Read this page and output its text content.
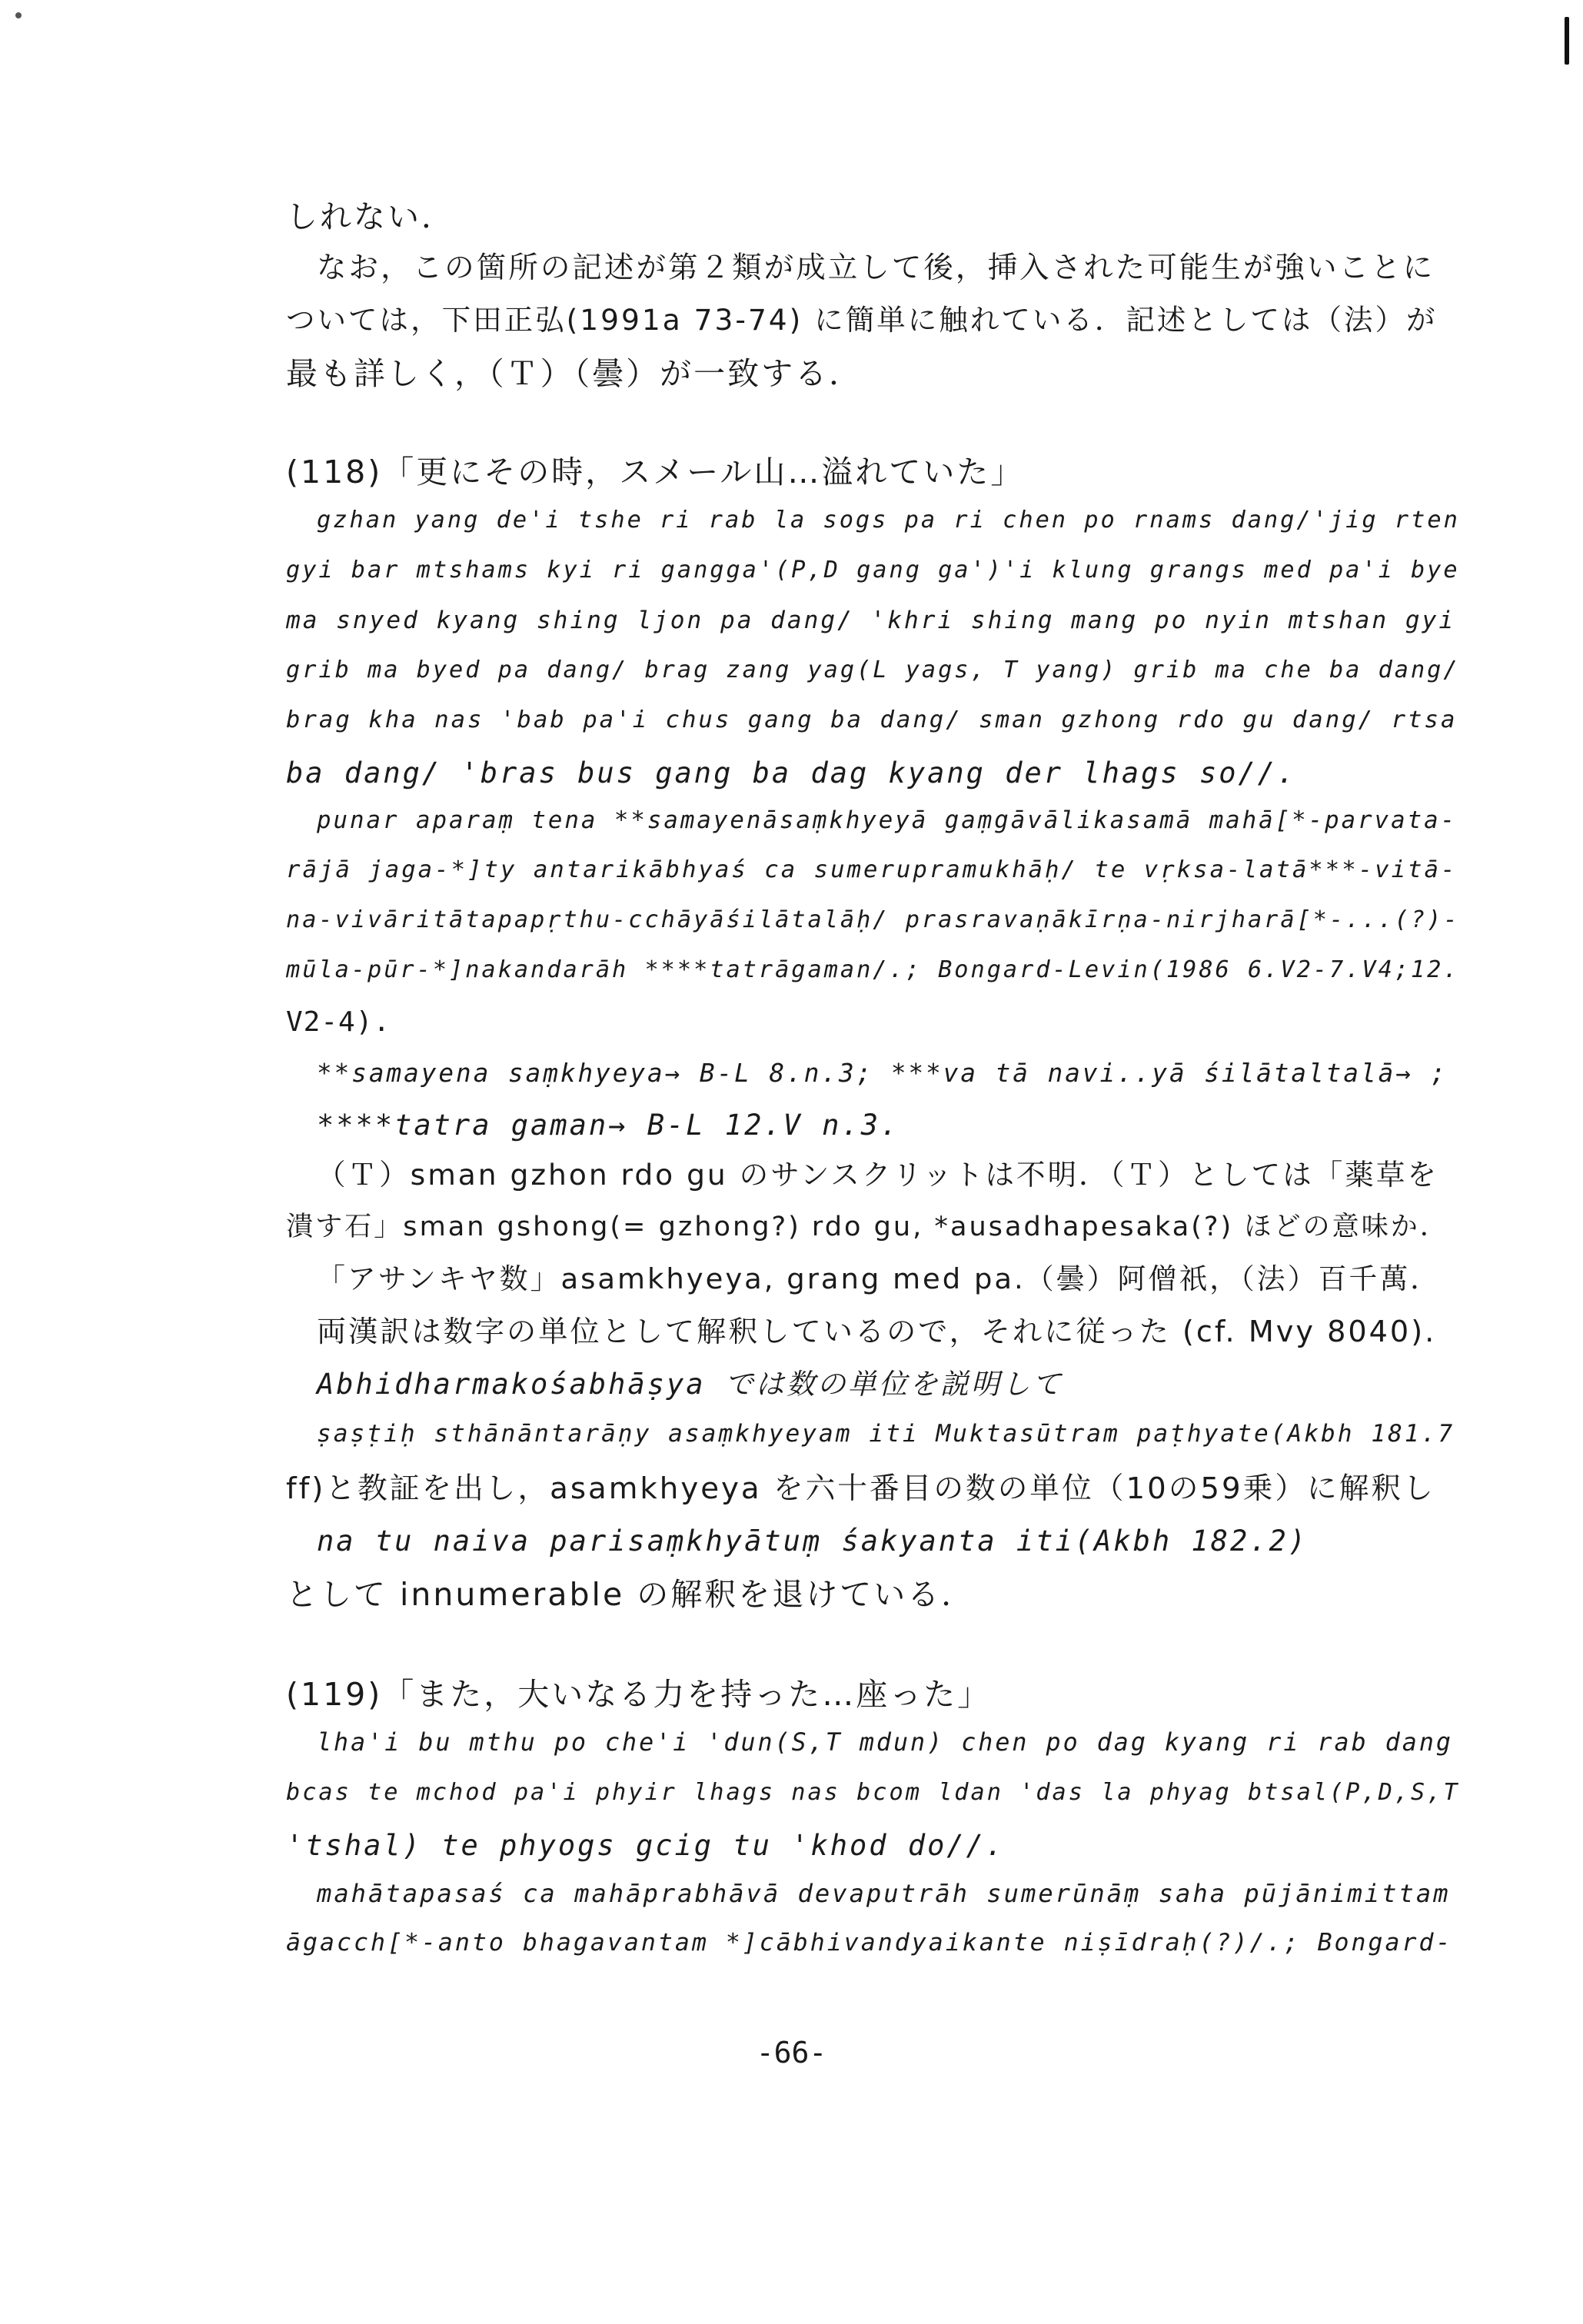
しれない．
なお，この箇所の記述が第２類が成立して後，挿入された可能生が強いことに
ついては，下田正弘(1991a 73-74) に簡単に触れている．記述としては（法）が
最も詳しく，（Ｔ）（曇）が一致する．
(118)「更にその時，スメール山…溢れていた」
gzhan yang de'i tshe ri rab la sogs pa ri chen po rnams dang/'jig rten
gyi bar mtshams kyi ri gangga'(P,D gang ga')'i klung grangs med pa'i bye
ma snyed kyang shing ljon pa dang/ 'khri shing mang po nyin mtshan gyi
grib ma byed pa dang/ brag zang yag(L yags, T yang) grib ma che ba dang/
brag kha nas 'bab pa'i chus gang ba dang/ sman gzhong rdo gu dang/ rtsa
ba dang/ 'bras bus gang ba dag kyang der lhags so//.
punar aparaṃ tena **samayenāsaṃkhyeyā gaṃgāvālikasamā mahā[*-parvata-
rājā jaga-*]ty antarikābhyaś ca sumerupramukhāḥ/ te vṛksa-latā***-vitā-
na-vivāritātapapṛthu-cchāyāśilātalāḥ/ prasravaṇākīrṇa-nirjharā[*-...(?)-
mūla-pūr-*]nakandarāh ****tatrāgaman/.; Bongard-Levin(1986 6.V2-7.V4;12.
V2-4).
**samayena saṃkhyeya→ B-L 8.n.3; ***va tā navi..yā śilātaltalā→ ;
****tatra gaman→ B-L 12.V n.3.
（Ｔ）sman gzhon rdo gu のサンスクリットは不明．（Ｔ）としては「薬草を
潰す石」sman gshong(= gzhong?) rdo gu, *ausadhapesaka(?) ほどの意味か．
「アサンキヤ数」asamkhyeya, grang med pa.（曇）阿僧祇，（法）百千萬．
両漢訳は数字の単位として解釈しているので，それに従った (cf. Mvy 8040).
Abhidharmakośabhāṣya では数の単位を説明して
ṣaṣṭiḥ sthānāntarāṇy asaṃkhyeyam iti Muktasūtram paṭhyate(Akbh 181.7
ff)と教証を出し，asamkhyeya を六十番目の数の単位（10の59乗）に解釈し
na tu naiva parisaṃkhyātuṃ śakyanta iti(Akbh 182.2)
として innumerable の解釈を退けている．
(119)「また，大いなる力を持った…座った」
lha'i bu mthu po che'i 'dun(S,T mdun) chen po dag kyang ri rab dang
bcas te mchod pa'i phyir lhags nas bcom ldan 'das la phyag btsal(P,D,S,T
'tshal) te phyogs gcig tu 'khod do//.
mahātapasaś ca mahāprabhāvā devaputrāh sumerūnāṃ saha pūjānimittam
āgacch[*-anto bhagavantam *]cābhivandyaikante niṣīdraḥ(?)/.; Bongard-
-66-
